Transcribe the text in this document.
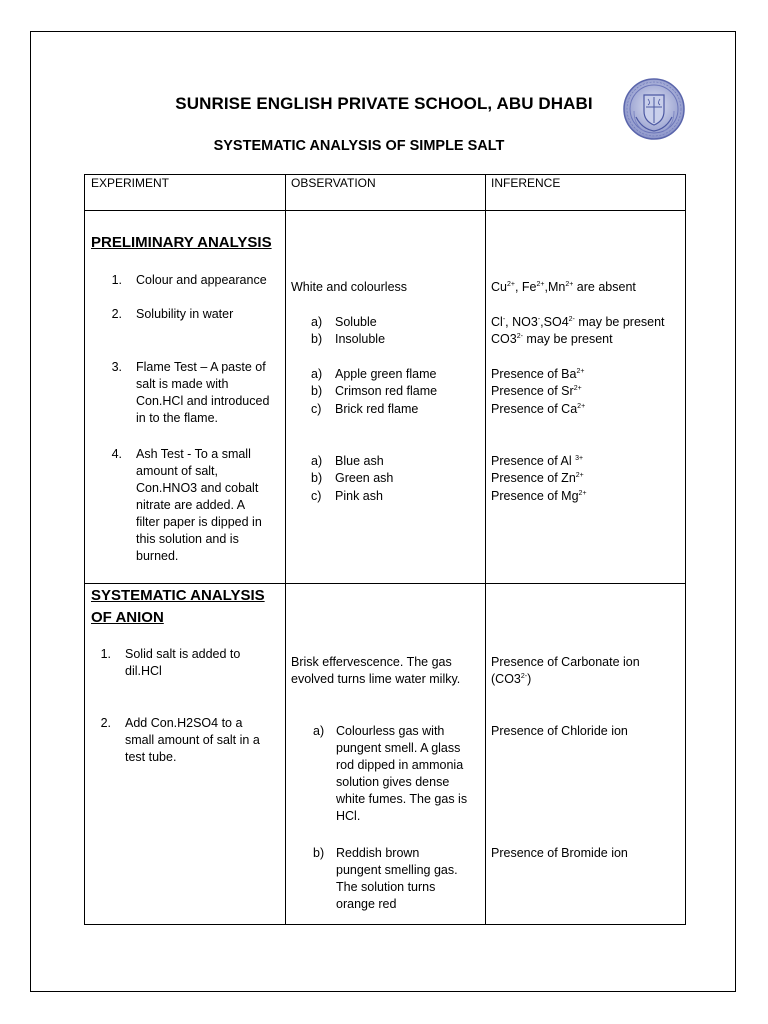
SUNRISE ENGLISH PRIVATE SCHOOL, ABU DHABI
SYSTEMATIC ANALYSIS OF SIMPLE SALT
EXPERIMENT	OBSERVATION	INFERENCE
PRELIMINARY ANALYSIS
1. Colour and appearance
2. Solubility in water
3. Flame Test – A paste of
salt is made with
Con.HCl and introduced
in to the flame.
4. Ash Test - To a small
amount of salt,
Con.HNO3 and cobalt
nitrate are added. A
filter paper is dipped in
this solution and is
burned.
White and colourless
a) Soluble
b) Insoluble
a) Apple green flame
b) Crimson red flame
c) Brick red flame
a) Blue ash
b) Green ash
c) Pink ash
$Cu^{2+}$, $Fe^{2+},Mn^{2+}$ are absent
Cl-, $NO3^-,SO4^{2-}$ may be present
$CO3^{2-}$ may be present
Presence of $Ba^{2+}$
Presence of $Sr^{2+}$
Presence of $Ca^{2+}$
Presence of Al $^{3+}$
Presence of $Zn^{2+}$
Presence of $Mg^{2+}$
SYSTEMATIC ANALYSIS
OF ANION
1. Solid salt is added to
dil.HCl
2. Add Con.H2SO4 to a
small amount of salt in a
test tube.
Brisk effervescence. The gas
evolved turns lime water milky.
a) Colourless gas with
pungent smell. A glass
rod dipped in ammonia
solution gives dense
white fumes. The gas is
HCl.
b) Reddish brown
pungent smelling gas.
The solution turns
orange red
Presence of Carbonate ion
$(CO3^{2-})$
Presence of Chloride ion
Presence of Bromide ion
